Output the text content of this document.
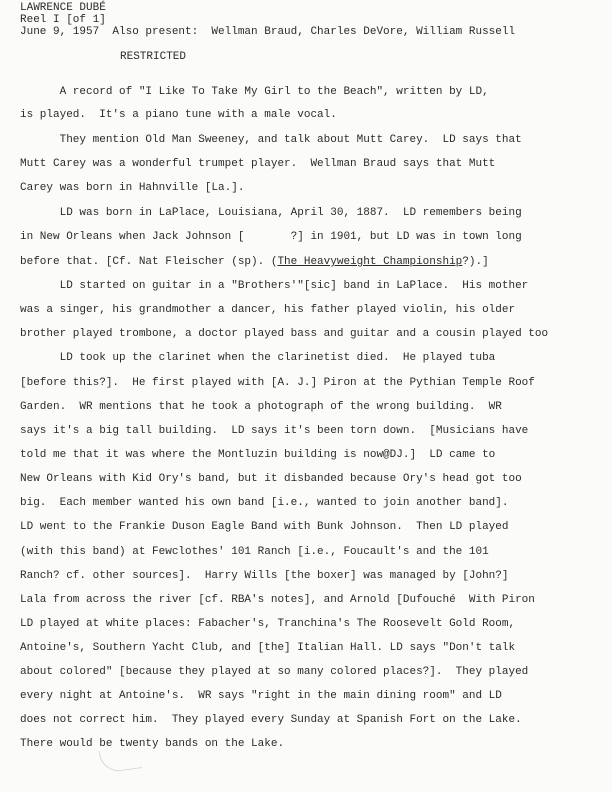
LAWRENCE DUBÉ
Reel I [of 1]
June 9, 1957  Also present:  Wellman Braud, Charles DeVore, William Russell
RESTRICTED
A record of "I Like To Take My Girl to the Beach", written by LD,
is played.  It's a piano tune with a male vocal.
They mention Old Man Sweeney, and talk about Mutt Carey.  LD says that
Mutt Carey was a wonderful trumpet player.  Wellman Braud says that Mutt
Carey was born in Hahnville [La.].
LD was born in LaPlace, Louisiana, April 30, 1887.  LD remembers being
in New Orleans when Jack Johnson [       ?] in 1901, but LD was in town long
before that. [Cf. Nat Fleischer (sp). (The Heavyweight Championship?).]
LD started on guitar in a "Brothers'"[sic] band in LaPlace.  His mother
was a singer, his grandmother a dancer, his father played violin, his older
brother played trombone, a doctor played bass and guitar and a cousin played too
LD took up the clarinet when the clarinetist died.  He played tuba
[before this?].  He first played with [A. J.] Piron at the Pythian Temple Roof
Garden.  WR mentions that he took a photograph of the wrong building.  WR
says it's a big tall building.  LD says it's been torn down.  [Musicians have
told me that it was where the Montluzin building is now@DJ.]  LD came to
New Orleans with Kid Ory's band, but it disbanded because Ory's head got too
big.  Each member wanted his own band [i.e., wanted to join another band].
LD went to the Frankie Duson Eagle Band with Bunk Johnson.  Then LD played
(with this band) at Fewclothes' 101 Ranch [i.e., Foucault's and the 101
Ranch? cf. other sources].  Harry Wills [the boxer] was managed by [John?]
Lala from across the river [cf. RBA's notes], and Arnold [Dufouché  With Piron
LD played at white places: Fabacher's, Tranchina's The Roosevelt Gold Room,
Antoine's, Southern Yacht Club, and [the] Italian Hall. LD says "Don't talk
about colored" [because they played at so many colored places?].  They played
every night at Antoine's.  WR says "right in the main dining room" and LD
does not correct him.  They played every Sunday at Spanish Fort on the Lake.
There would be twenty bands on the Lake.
